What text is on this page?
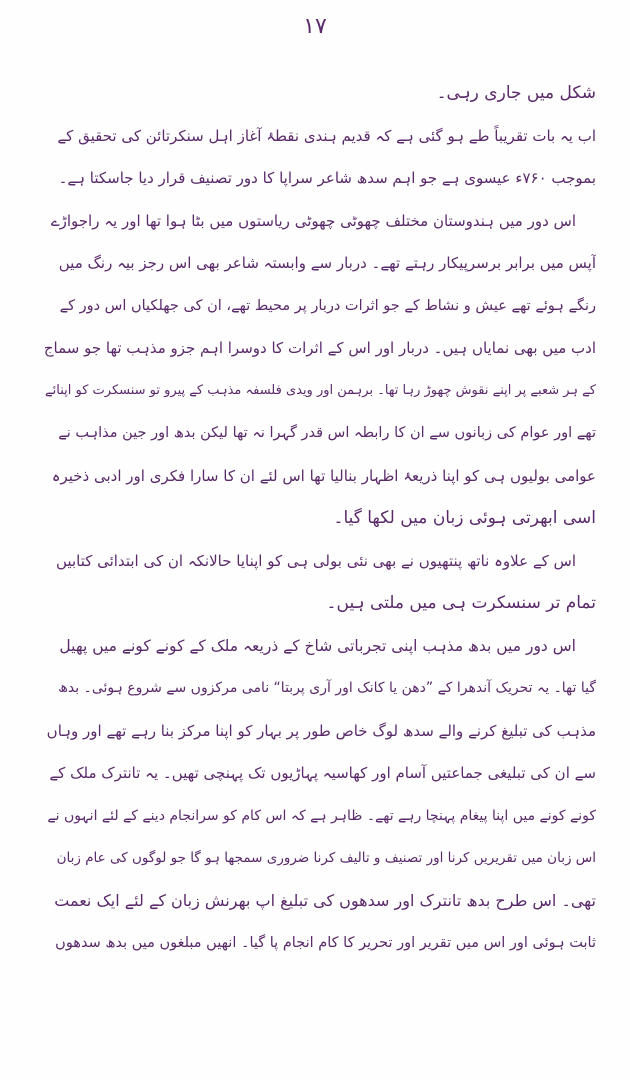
۱۷
شکل میں جاری رہی۔
اب یہ بات تقریباً طے ہو گئی ہے کہ قدیم ہندی نقطۂ آغاز اہل سنکرتائن کی تحقیق کے
بموجب ۷۶۰ء عیسوی ہے جو اہم سدھ شاعر سراپا کا دور تصنیف قرار دیا جاسکتا ہے۔
اس دور میں ہندوستان مختلف چھوٹی چھوٹی ریاستوں میں بٹا ہوا تھا اور یہ راجواڑے
آپس میں برابر برسرپیکار رہتے تھے۔ دربار سے وابستہ شاعر بھی اس رجز بیہ رنگ میں
رنگے ہوئے تھے عیش و نشاط کے جو اثرات دربار پر محیط تھے، ان کی جھلکیاں اس دور کے
ادب میں بھی نمایاں ہیں۔ دربار اور اس کے اثرات کا دوسرا اہم جزو مذہب تھا جو سماج
کے ہر شعبے پر اپنے نقوش چھوڑ رہا تھا۔ برہمن اور ویدی فلسفہ مذہب کے پیرو تو سنسکرت کو اپنائے
تھے اور عوام کی زبانوں سے ان کا رابطہ اس قدر گہرا نہ تھا لیکن بدھ اور جین مذاہب نے
عوامی بولیوں ہی کو اپنا ذریعۂ اظہار بنالیا تھا اس لئے ان کا سارا فکری اور ادبی ذخیرہ
اسی ابھرتی ہوئی زبان میں لکھا گیا۔
اس کے علاوہ ناتھ پنتھیوں نے بھی نئی بولی ہی کو اپنایا حالانکہ ان کی ابتدائی کتابیں
تمام تر سنسکرت ہی میں ملتی ہیں۔
اس دور میں بدھ مذہب اپنی تجرباتی شاخ کے ذریعہ ملک کے کونے کونے میں پھیل
گیا تھا۔ یہ تحریک آندھرا کے ”دھن یا کانک اور آری پربتا“ نامی مرکزوں سے شروع ہوئی۔ بدھ
مذہب کی تبلیغ کرنے والے سدھ لوگ خاص طور پر بہار کو اپنا مرکز بنا رہے تھے اور وہاں
سے ان کی تبلیغی جماعتیں آسام اور کھاسیہ پہاڑیوں تک پہنچی تھیں۔ یہ تانترک ملک کے
کونے کونے میں اپنا پیغام پہنچا رہے تھے۔ ظاہر ہے کہ اس کام کو سرانجام دینے کے لئے انہوں نے
اس زبان میں تقریریں کرنا اور تصنیف و تالیف کرنا ضروری سمجھا ہو گا جو لوگوں کی عام زبان
تھی۔ اس طرح بدھ تانترک اور سدھوں کی تبلیغ اپ بھرنش زبان کے لئے ایک نعمت
ثابت ہوئی اور اس میں تقریر اور تحریر کا کام انجام پا گیا۔ انھیں مبلغوں میں بدھ سدھوں
